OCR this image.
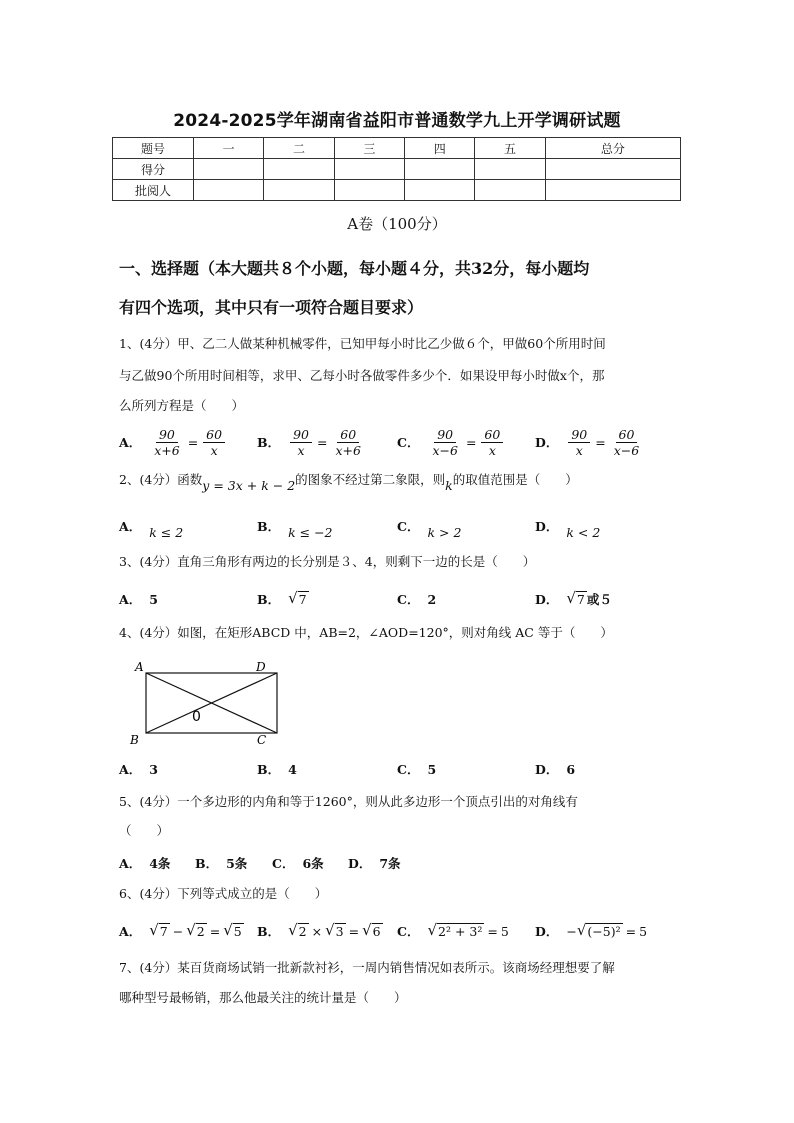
2024-2025学年湖南省益阳市普通数学九上开学调研试题
题号	一	二	三	四	五	总分
得分						
批阅人						
A卷（100分）
一、选择题（本大题共８个小题，每小题４分，共32分，每小题均
有四个选项，其中只有一项符合题目要求）
1、(4分）甲、乙二人做某种机械零件，已知甲每小时比乙少做６个，甲做60个所用时间
与乙做90个所用时间相等，求甲、乙每小时各做零件多少个．如果设甲每小时做x个，那
么所列方程是（　　）
A． $\frac{90}{x+6} = \frac{60}{x}$	B． $\frac{90}{x} = \frac{60}{x+6}$	C． $\frac{90}{x-6} = \frac{60}{x}$	D． $\frac{90}{x} = \frac{60}{x-6}$
2、(4分）函数y = 3x + k − 2的图象不经过第二象限，则k的取值范围是（　　）
A． k ≤ 2	B． k ≤ −2	C． k > 2	D． k < 2
3、(4分）直角三角形有两边的长分别是３、4，则剩下一边的长是（　　）
A． 5	B． √ 7	C． 2	D． √ 7 或５
4、(4分）如图，在矩形ABCD 中，AB=2，∠AOD=120°，则对角线 AC 等于（　　）
A	D
B	C
0
A． 3	B． 4	C． 5	D． 6
5、(4分）一个多边形的内角和等于1260°，则从此多边形一个顶点引出的对角线有
（　　）
A． 4条 B． 5条 C． 6条 D． 7条
6、(4分）下列等式成立的是（　　）
A． √ 7 − √ 2 = √ 5 B． √ 2 × √ 3 = √ 6 C． √ 2² + 3² = 5 D． − √ (−5)² = 5
7、(4分）某百货商场试销一批新款衬衫，一周内销售情况如表所示。该商场经理想要了解
哪种型号最畅销，那么他最关注的统计量是（　　）
